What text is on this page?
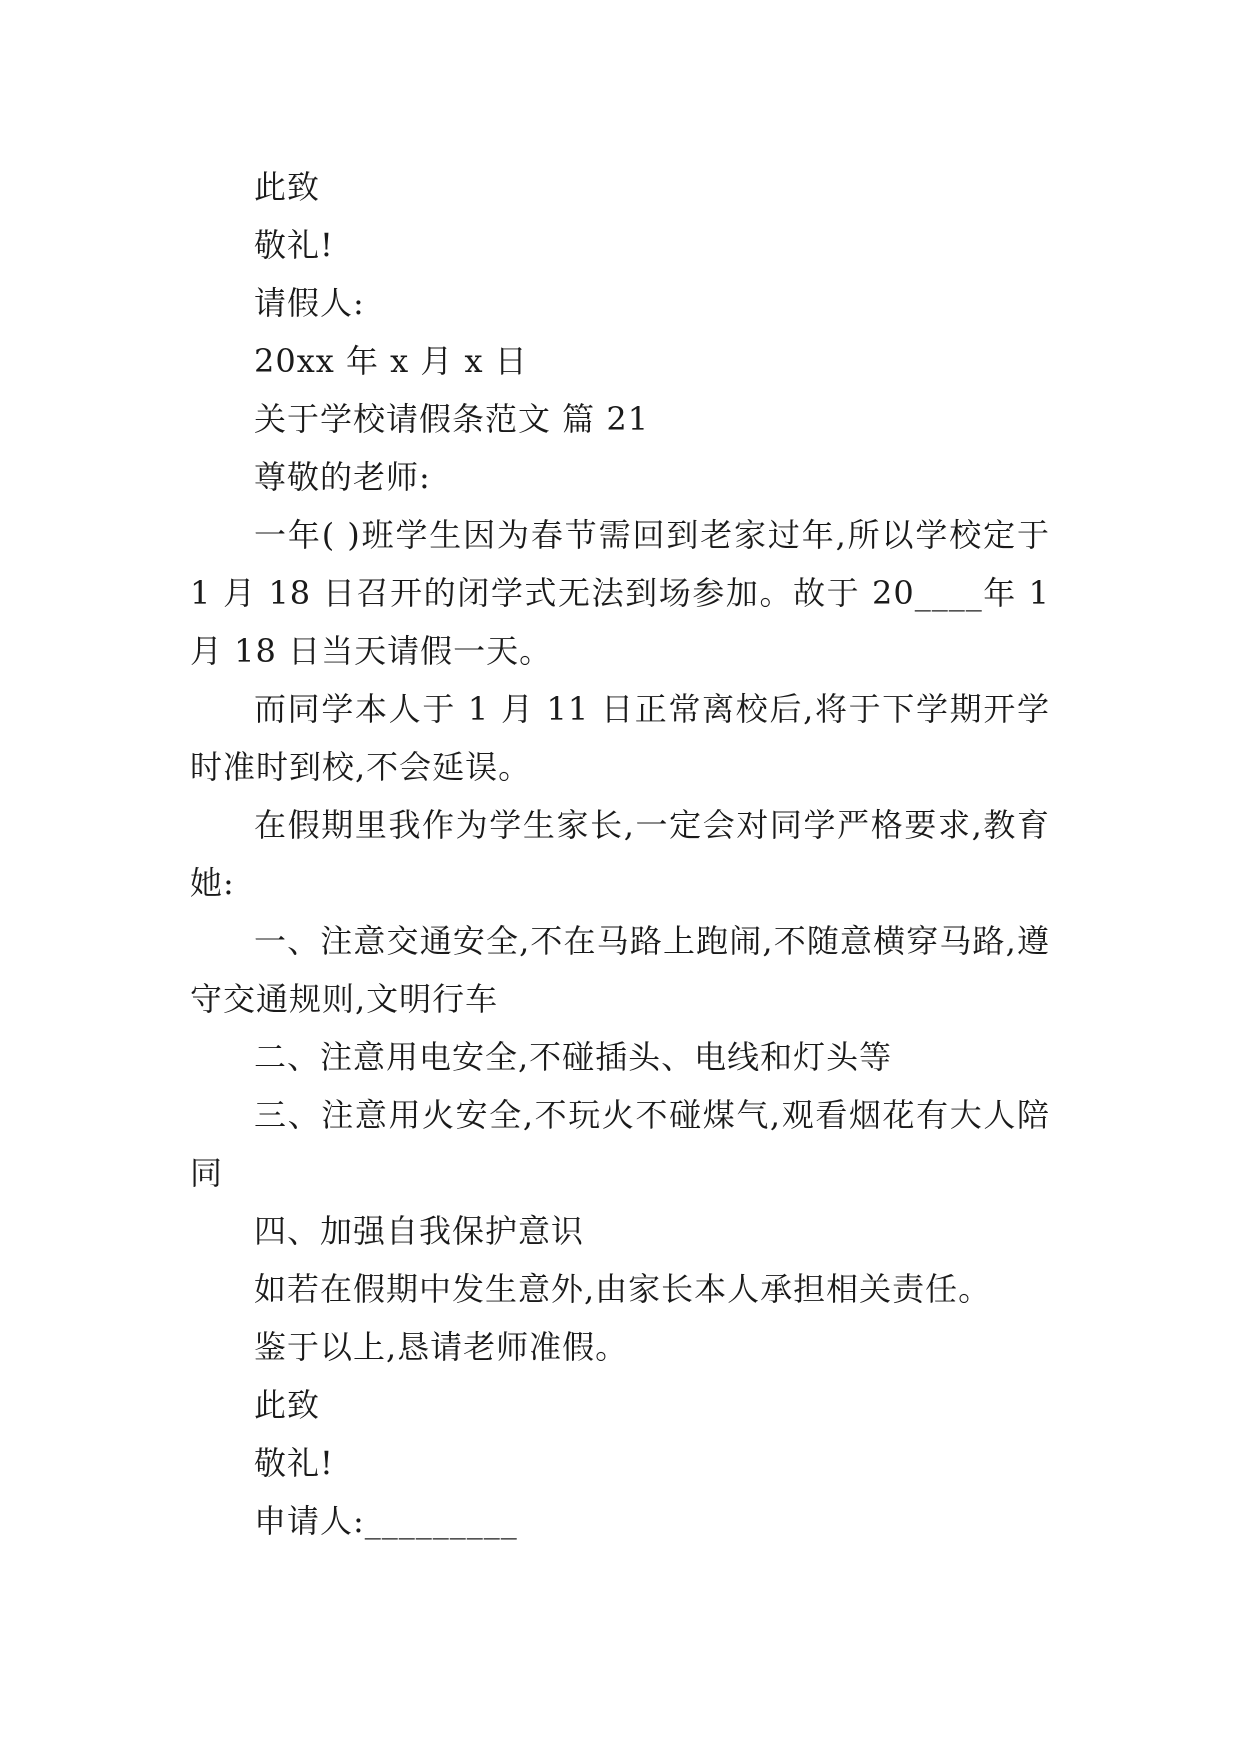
此致

敬礼!

请假人:

20xx 年 x 月 x 日

关于学校请假条范文 篇 21

尊敬的老师:

一年( )班学生因为春节需回到老家过年,所以学校定于 1 月 18 日召开的闭学式无法到场参加。故于 20____年 1 月 18 日当天请假一天。

而同学本人于 1 月 11 日正常离校后,将于下学期开学时准时到校,不会延误。

在假期里我作为学生家长,一定会对同学严格要求,教育她:

一、注意交通安全,不在马路上跑闹,不随意横穿马路,遵守交通规则,文明行车

二、注意用电安全,不碰插头、电线和灯头等

三、注意用火安全,不玩火不碰煤气,观看烟花有大人陪同

四、加强自我保护意识

如若在假期中发生意外,由家长本人承担相关责任。

鉴于以上,恳请老师准假。

此致

敬礼!

申请人:_________
